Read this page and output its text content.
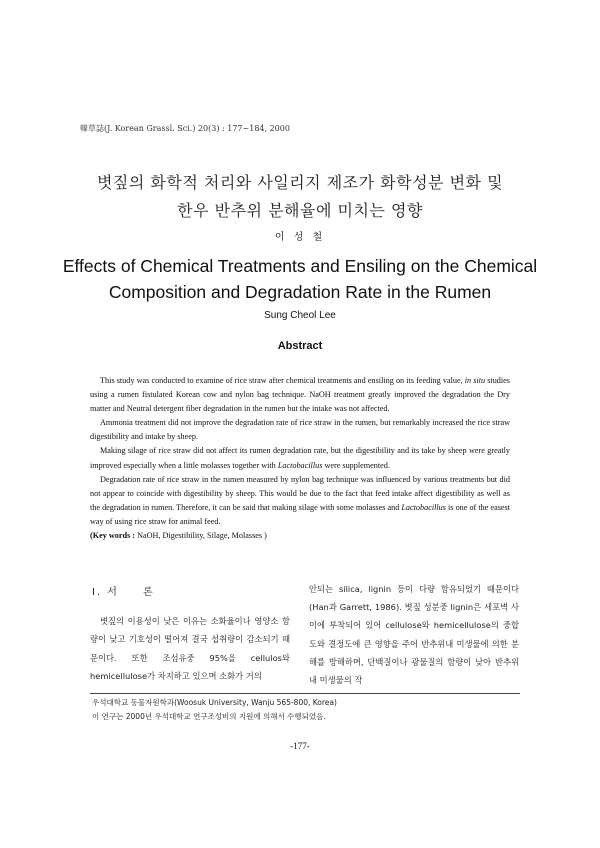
韓草誌(J. Korean Grassl. Sci.) 20(3) : 177~184, 2000
볏짚의 화학적 처리와 사일리지 제조가 화학성분 변화 및
한우 반추위 분해율에 미치는 영향
이 성 철
Effects of Chemical Treatments and Ensiling on the Chemical
Composition and Degradation Rate in the Rumen
Sung Cheol Lee
Abstract

This study was conducted to examine of rice straw after chemical treatments and ensiling on its feeding value, in situ studies using a rumen fistulated Korean cow and nylon bag technique. NaOH treatment greatly improved the degradation the Dry matter and Neutral detergent fiber degradation in the rumen but the intake was not affected.

Ammonia treatment did not improve the degradation rate of rice straw in the rumen, but remarkably increased the rice straw digestibility and intake by sheep.

Making silage of rice straw did not affect its rumen degradation rate, but the digestibility and its take by sheep were greatly improved especially when a little molasses together with Lactobacillus were supplemented.

Degradation rate of rice straw in the rumen measured by nylon bag technique was influenced by various treatments but did not appear to coincide with digestibility by sheep. This would be due to the fact that feed intake affect digestibility as well as the degradation in rumen. Therefore, it can be said that making silage with some molasses and Lactobacillus is one of the easest way of using rice straw for animal feed.

(Key words : NaOH, Digestibility, Silage, Molasses )

Ⅰ. 서　　론

볏짚의 이용성이 낮은 이유는 소화율이나 영양소 함량이 낮고 기호성이 떨어져 결국 섭취량이 감소되기 때문이다. 또한 조섬유중 95%을 cellulos와 hemicellulose가 차지하고 있으며 소화가 거의

안되는 silica, lignin 등이 다량 함유되었기 때문이다(Han과 Garrett, 1986). 볏짚 성분중 lignin은 세포벽 사이에 부착되어 있어 cellulose와 hemicellulose의 중합도와 결정도에 큰 영향을 주어 반추위내 미생물에 의한 분해를 방해하며, 단백질이나 광물질의 함량이 낮아 반추위내 미생물의 작

우석대학교 동물자원학과(Woosuk University, Wanju 565-800, Korea)
이 연구는 2000년 우석대학교 연구조성비의 지원에 의해서 수행되었음.
-177-
